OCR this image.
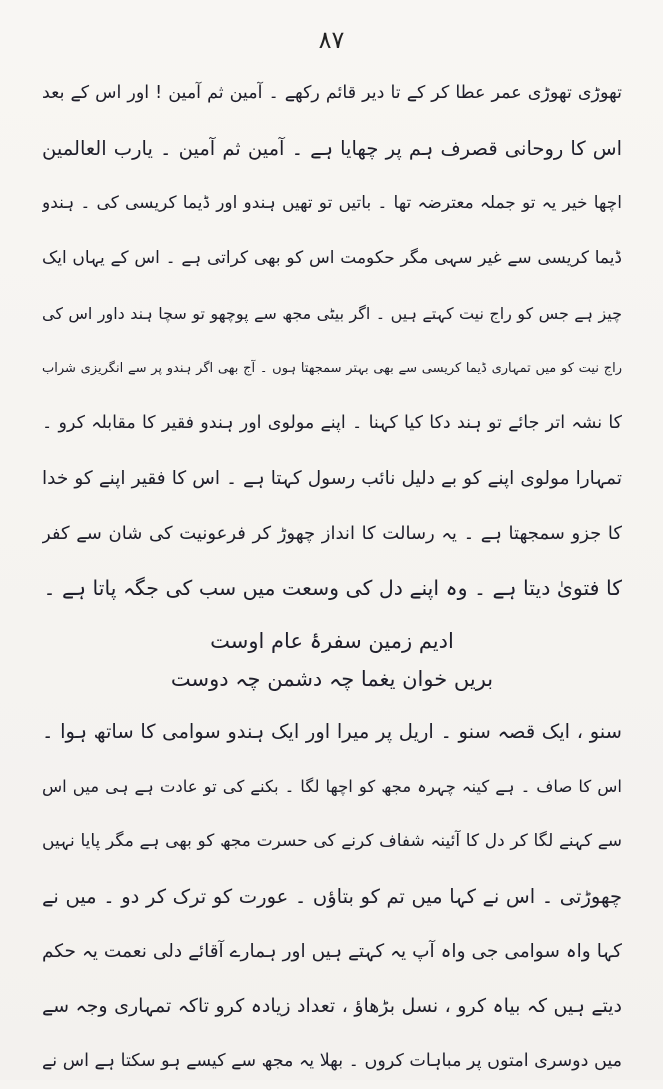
۸۷
تھوڑی تھوڑی عمر عطا کر کے تا دیر قائم رکھے ۔ آمین ثم آمین ! اور اس کے بعد
اس کا روحانی قصرف ہم پر چھایا ہے ۔ آمین ثم آمین ۔ یارب العالمین
اچھا خیر یہ تو جملہ معترضہ تھا ۔ باتیں تو تھیں ہندو اور ڈیما کریسی کی ۔ ہندو
ڈیما کریسی سے غیر سہی مگر حکومت اس کو بھی کراتی ہے ۔ اس کے یہاں ایک
چیز ہے جس کو راج نیت کہتے ہیں ۔ اگر بیٹی مجھ سے پوچھو تو سچا ہند داور اس کی
راج نیت کو میں تمہاری ڈیما کریسی سے بھی بہتر سمجھتا ہوں ۔ آج بھی اگر ہندو پر سے انگریزی شراب
کا نشہ اتر جائے تو ہند دکا کیا کہنا ۔ اپنے مولوی اور ہندو فقیر کا مقابلہ کرو ۔
تمہارا مولوی اپنے کو بے دلیل نائب رسول کہتا ہے ۔ اس کا فقیر اپنے کو خدا
کا جزو سمجھتا ہے ۔ یہ رسالت کا انداز چھوڑ کر فرعونیت کی شان سے کفر
کا فتویٰ دیتا ہے ۔ وہ اپنے دل کی وسعت میں سب کی جگہ پاتا ہے ۔
ادیم زمین سفرۂ عام اوست
بریں خوان یغما چہ دشمن چہ دوست
سنو ، ایک قصہ سنو ۔ اریل پر میرا اور ایک ہندو سوامی کا ساتھ ہوا ۔
اس کا صاف ۔ ہے کینہ چہرہ مجھ کو اچھا لگا ۔ بکنے کی تو عادت ہے ہی میں اس
سے کہنے لگا کر دل کا آئینہ شفاف کرنے کی حسرت مجھ کو بھی ہے مگر پایا نہیں
چھوڑتی ۔ اس نے کہا میں تم کو بتاؤں ۔ عورت کو ترک کر دو ۔ میں نے
کہا واہ سوامی جی واہ آپ یہ کہتے ہیں اور ہمارے آقائے دلی نعمت یہ حکم
دیتے ہیں کہ بیاہ کرو ، نسل بڑھاؤ ، تعداد زیادہ کرو تاکہ تمہاری وجہ سے
میں دوسری امتوں پر مباہات کروں ۔ بھلا یہ مجھ سے کیسے ہو سکتا ہے اس نے
